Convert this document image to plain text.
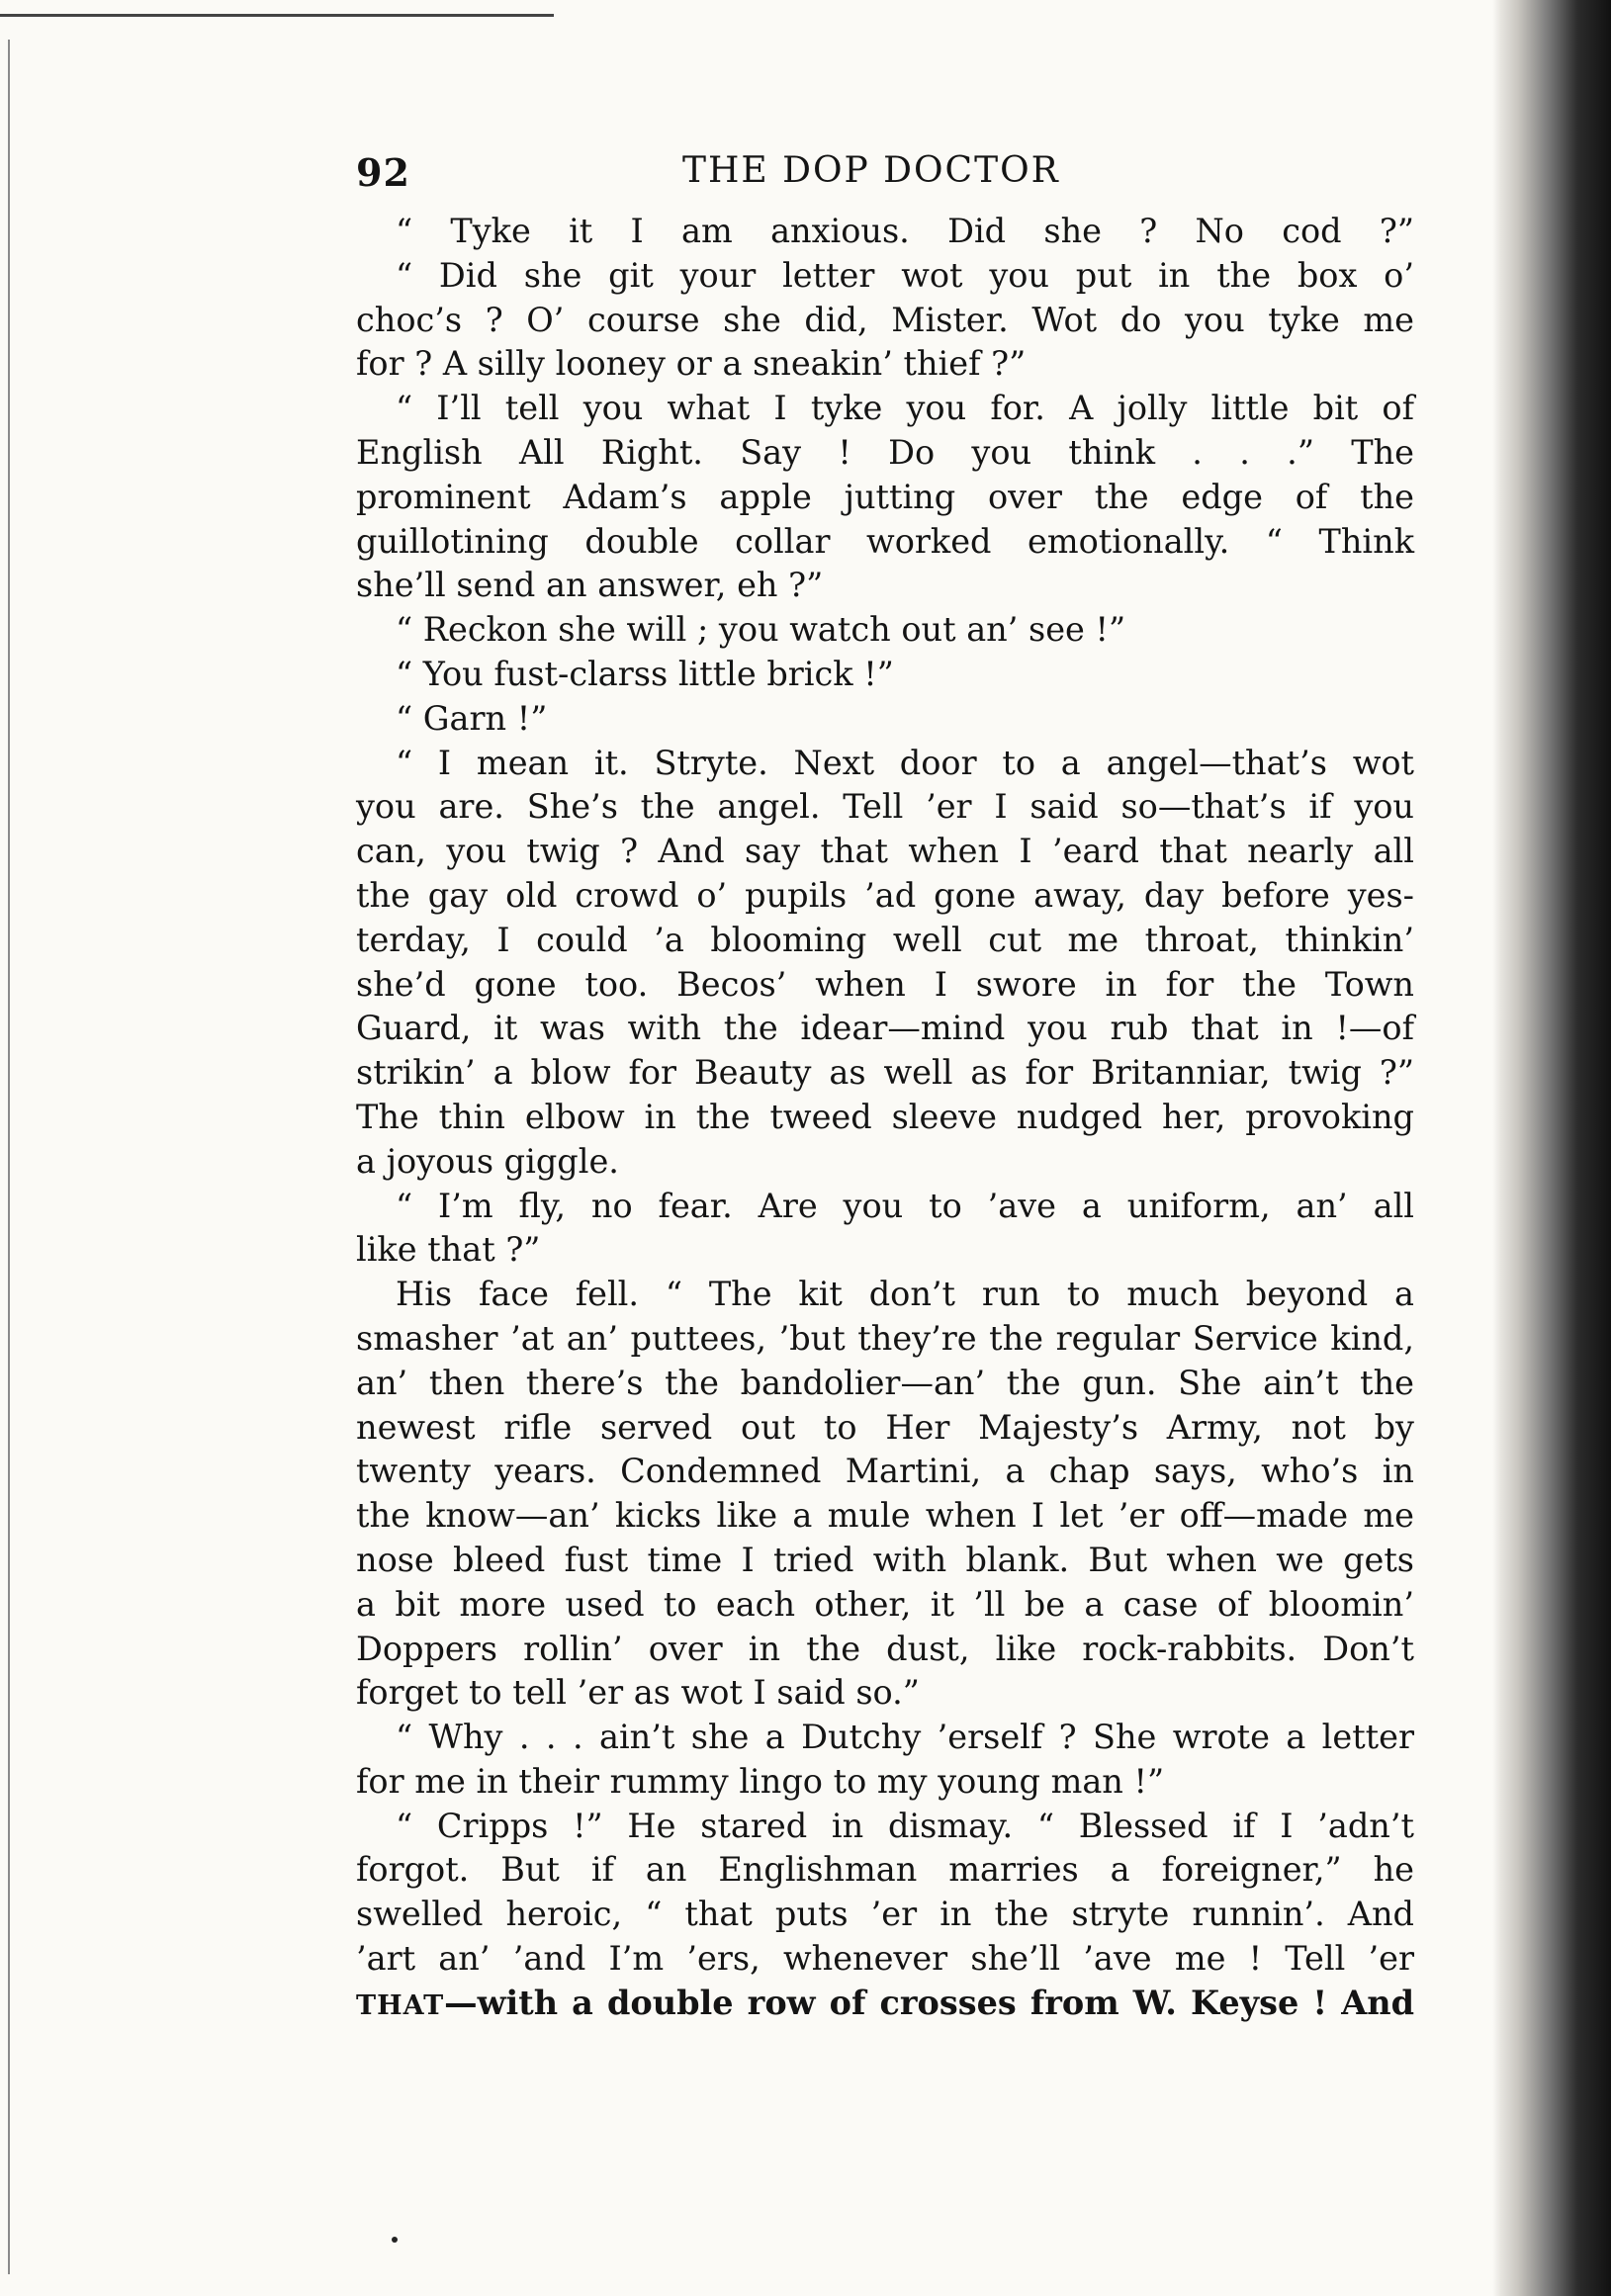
92	THE DOP DOCTOR
“ Tyke it I am anxious. Did she ? No cod ?”
“ Did she git your letter wot you put in the box o’
choc’s ? O’ course she did, Mister. Wot do you tyke me
for ? A silly looney or a sneakin’ thief ?”
“ I’ll tell you what I tyke you for. A jolly little bit of
English All Right. Say ! Do you think . . .” The
prominent Adam’s apple jutting over the edge of the
guillotining double collar worked emotionally. “ Think
she’ll send an answer, eh ?”
“ Reckon she will ; you watch out an’ see !”
“ You fust-clarss little brick !”
“ Garn !”
“ I mean it. Stryte. Next door to a angel—that’s wot
you are. She’s the angel. Tell ’er I said so—that’s if you
can, you twig ? And say that when I ’eard that nearly all
the gay old crowd o’ pupils ’ad gone away, day before yes-
terday, I could ’a blooming well cut me throat, thinkin’
she’d gone too. Becos’ when I swore in for the Town
Guard, it was with the idear—mind you rub that in !—of
strikin’ a blow for Beauty as well as for Britanniar, twig ?”
The thin elbow in the tweed sleeve nudged her, provoking
a joyous giggle.
“ I’m fly, no fear. Are you to ’ave a uniform, an’ all
like that ?”
His face fell. “ The kit don’t run to much beyond a
smasher ’at an’ puttees, ’but they’re the regular Service kind,
an’ then there’s the bandolier—an’ the gun. She ain’t the
newest rifle served out to Her Majesty’s Army, not by
twenty years. Condemned Martini, a chap says, who’s in
the know—an’ kicks like a mule when I let ’er off—made me
nose bleed fust time I tried with blank. But when we gets
a bit more used to each other, it ’ll be a case of bloomin’
Doppers rollin’ over in the dust, like rock-rabbits. Don’t
forget to tell ’er as wot I said so.”
“ Why . . . ain’t she a Dutchy ’erself ? She wrote a letter
for me in their rummy lingo to my young man !”
“ Cripps !” He stared in dismay. “ Blessed if I ’adn’t
forgot. But if an Englishman marries a foreigner,” he
swelled heroic, “ that puts ’er in the stryte runnin’. And
’art an’ ’and I’m ’ers, whenever she’ll ’ave me ! Tell ’er
THAT—with a double row of crosses from W. Keyse ! And
